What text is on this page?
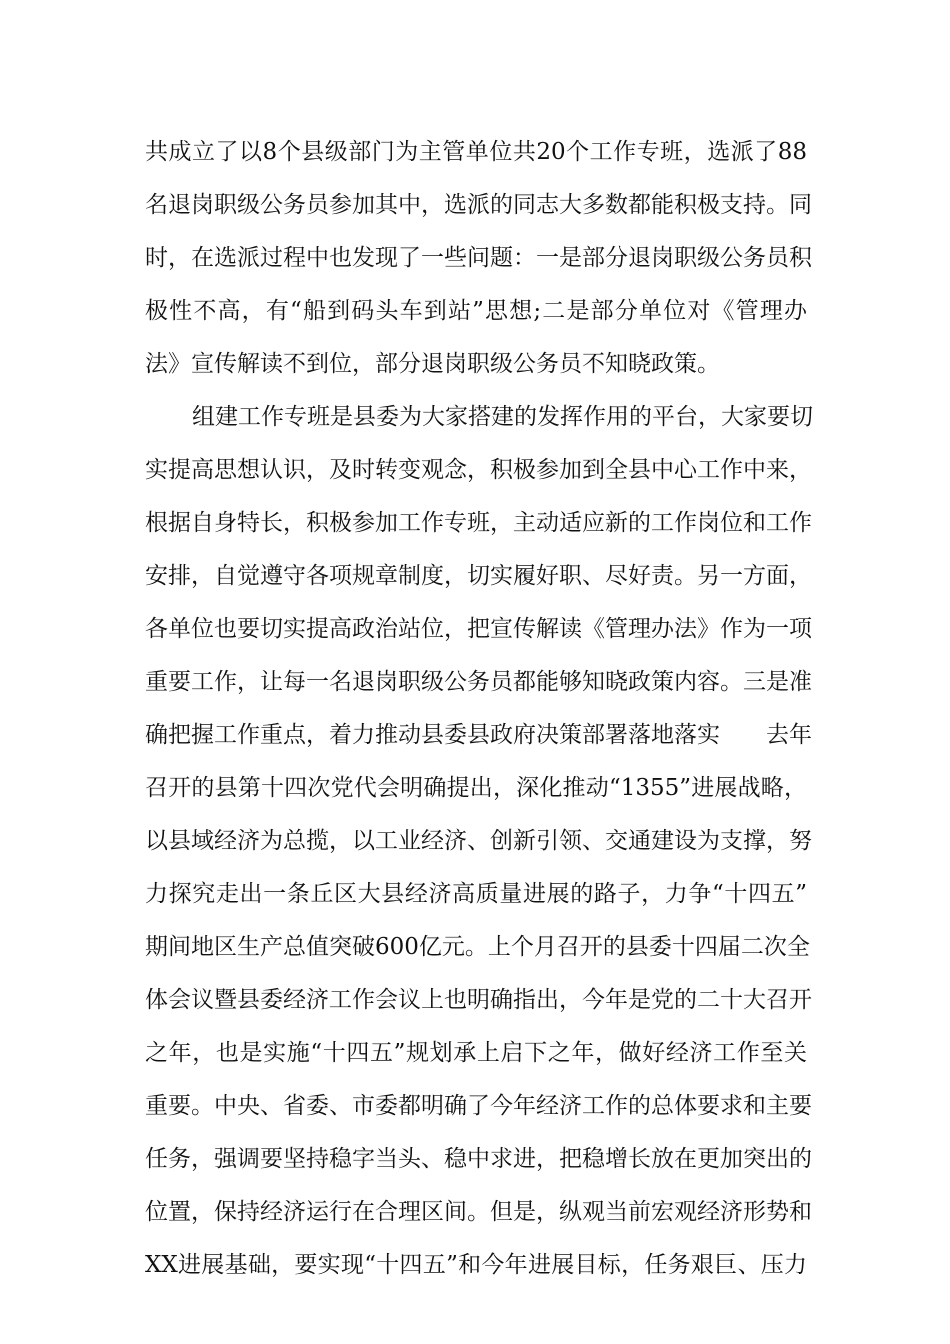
共成立了以8个县级部门为主管单位共20个工作专班，选派了88
名退岗职级公务员参加其中，选派的同志大多数都能积极支持。同
时，在选派过程中也发现了一些问题：一是部分退岗职级公务员积
极性不高，有“船到码头车到站”思想;二是部分单位对《管理办
法》宣传解读不到位，部分退岗职级公务员不知晓政策。
组建工作专班是县委为大家搭建的发挥作用的平台，大家要切
实提高思想认识，及时转变观念，积极参加到全县中心工作中来，
根据自身特长，积极参加工作专班，主动适应新的工作岗位和工作
安排，自觉遵守各项规章制度，切实履好职、尽好责。另一方面，
各单位也要切实提高政治站位，把宣传解读《管理办法》作为一项
重要工作，让每一名退岗职级公务员都能够知晓政策内容。三是准
确把握工作重点，着力推动县委县政府决策部署落地落实　　去年
召开的县第十四次党代会明确提出，深化推动“1355”进展战略，
以县域经济为总揽，以工业经济、创新引领、交通建设为支撑，努
力探究走出一条丘区大县经济高质量进展的路子，力争“十四五”
期间地区生产总值突破600亿元。上个月召开的县委十四届二次全
体会议暨县委经济工作会议上也明确指出，今年是党的二十大召开
之年，也是实施“十四五”规划承上启下之年，做好经济工作至关
重要。中央、省委、市委都明确了今年经济工作的总体要求和主要
任务，强调要坚持稳字当头、稳中求进，把稳增长放在更加突出的
位置，保持经济运行在合理区间。但是，纵观当前宏观经济形势和
XX进展基础，要实现“十四五”和今年进展目标，任务艰巨、压力
